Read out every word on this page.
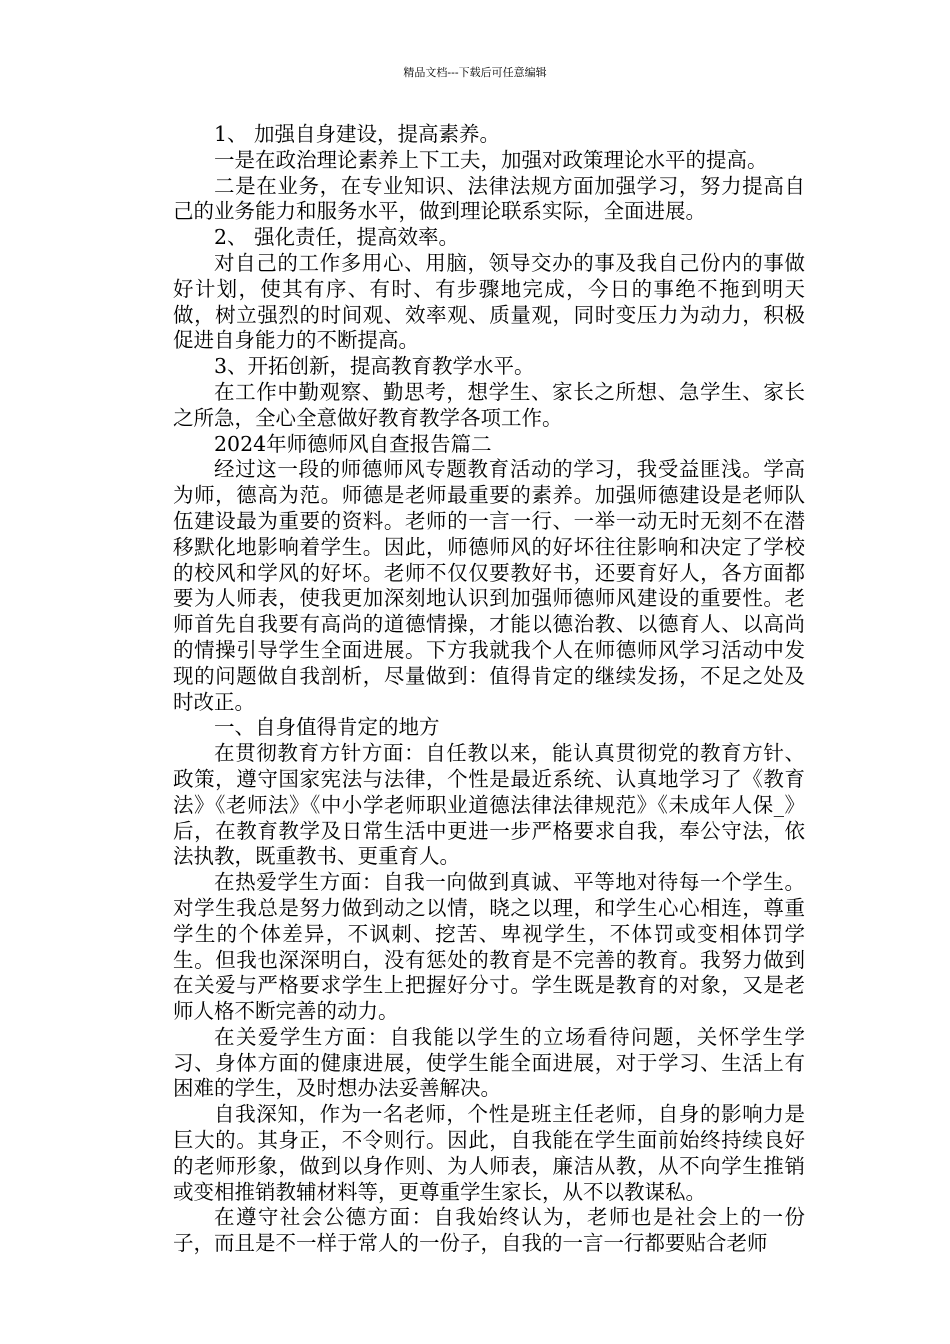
精品文档---下载后可任意编辑

1、 加强自身建设，提高素养。

一是在政治理论素养上下工夫，加强对政策理论水平的提高。

二是在业务，在专业知识、法律法规方面加强学习，努力提高自己的业务能力和服务水平，做到理论联系实际，全面进展。

2、 强化责任，提高效率。

对自己的工作多用心、用脑，领导交办的事及我自己份内的事做好计划，使其有序、有时、有步骤地完成，今日的事绝不拖到明天做，树立强烈的时间观、效率观、质量观，同时变压力为动力，积极促进自身能力的不断提高。

3、开拓创新，提高教育教学水平。

在工作中勤观察、勤思考，想学生、家长之所想、急学生、家长之所急，全心全意做好教育教学各项工作。

2024年师德师风自查报告篇二

经过这一段的师德师风专题教育活动的学习，我受益匪浅。学高为师，德高为范。师德是老师最重要的素养。加强师德建设是老师队伍建设最为重要的资料。老师的一言一行、一举一动无时无刻不在潜移默化地影响着学生。因此，师德师风的好坏往往影响和决定了学校的校风和学风的好坏。老师不仅仅要教好书，还要育好人，各方面都要为人师表，使我更加深刻地认识到加强师德师风建设的重要性。老师首先自我要有高尚的道德情操，才能以德治教、以德育人、以高尚的情操引导学生全面进展。下方我就我个人在师德师风学习活动中发现的问题做自我剖析，尽量做到：值得肯定的继续发扬，不足之处及时改正。

一、自身值得肯定的地方

在贯彻教育方针方面：自任教以来，能认真贯彻党的教育方针、政策，遵守国家宪法与法律，个性是最近系统、认真地学习了《教育法》《老师法》《中小学老师职业道德法律法律规范》《未成年人保_》后，在教育教学及日常生活中更进一步严格要求自我，奉公守法，依法执教，既重教书、更重育人。

在热爱学生方面：自我一向做到真诚、平等地对待每一个学生。对学生我总是努力做到动之以情，晓之以理，和学生心心相连，尊重学生的个体差异，不讽刺、挖苦、卑视学生，不体罚或变相体罚学生。但我也深深明白，没有惩处的教育是不完善的教育。我努力做到在关爱与严格要求学生上把握好分寸。学生既是教育的对象，又是老师人格不断完善的动力。

在关爱学生方面：自我能以学生的立场看待问题，关怀学生学习、身体方面的健康进展，使学生能全面进展，对于学习、生活上有困难的学生，及时想办法妥善解决。

自我深知，作为一名老师，个性是班主任老师，自身的影响力是巨大的。其身正，不令则行。因此，自我能在学生面前始终持续良好的老师形象，做到以身作则、为人师表，廉洁从教，从不向学生推销或变相推销教辅材料等，更尊重学生家长，从不以教谋私。

在遵守社会公德方面：自我始终认为，老师也是社会上的一份子，而且是不一样于常人的一份子，自我的一言一行都要贴合老师
